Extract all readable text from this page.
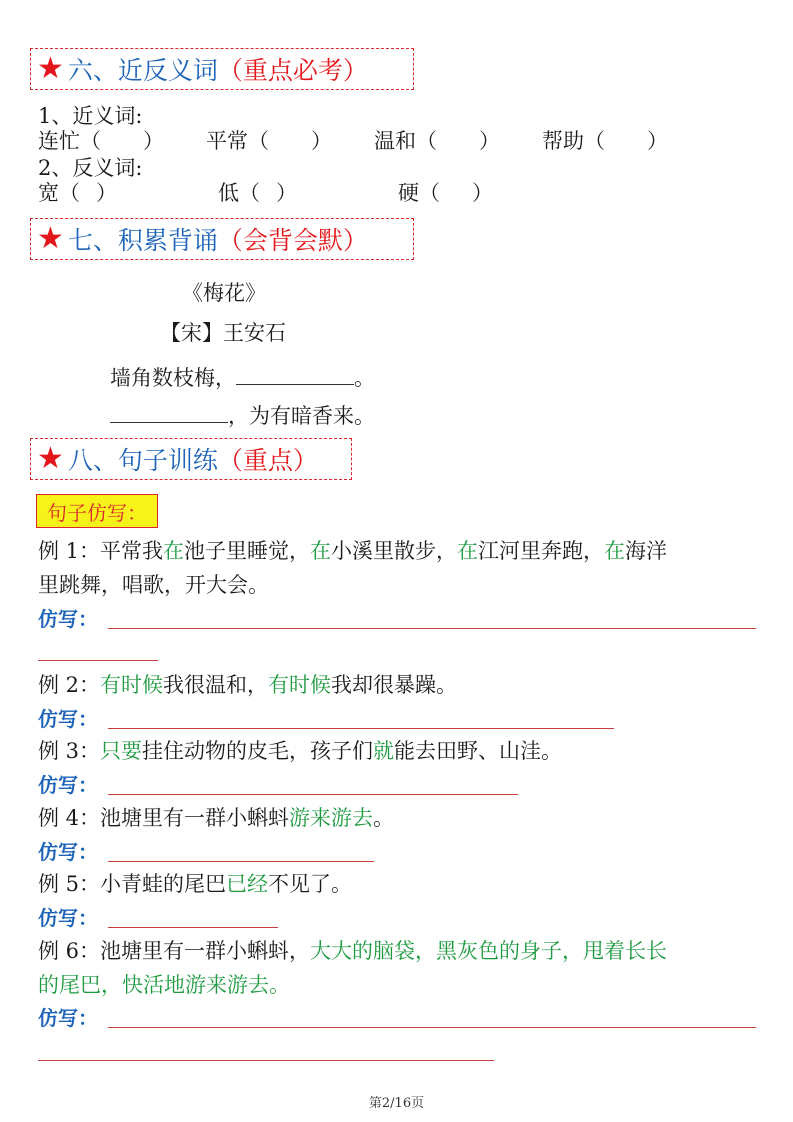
★ 六、近反义词 （重点必考）
1、近义词:
连忙（ ） 平常（ ） 温和（ ） 帮助（ ）
2、反义词:
宽（ ）	低（ ）	硬（ ）
★ 七、积累背诵 （会背会默）
《梅花》
【宋】王安石
墙角数枝梅，	。
，为有暗香来。
★ 八、句子训练 （重点）
句子仿写：
例 1：平常我在池子里睡觉，在小溪里散步，在江河里奔跑，在海洋
里跳舞，唱歌，开大会。
仿写：
例 2：有时候我很温和，有时候我却很暴躁。
仿写：
例 3：只要挂住动物的皮毛，孩子们就能去田野、山洼。
仿写：
例 4：池塘里有一群小蝌蚪游来游去。
仿写：
例 5：小青蛙的尾巴已经不见了。
仿写：
例 6：池塘里有一群小蝌蚪，大大的脑袋，黑灰色的身子，甩着长长
的尾巴，快活地游来游去。
仿写：
第2/16页
